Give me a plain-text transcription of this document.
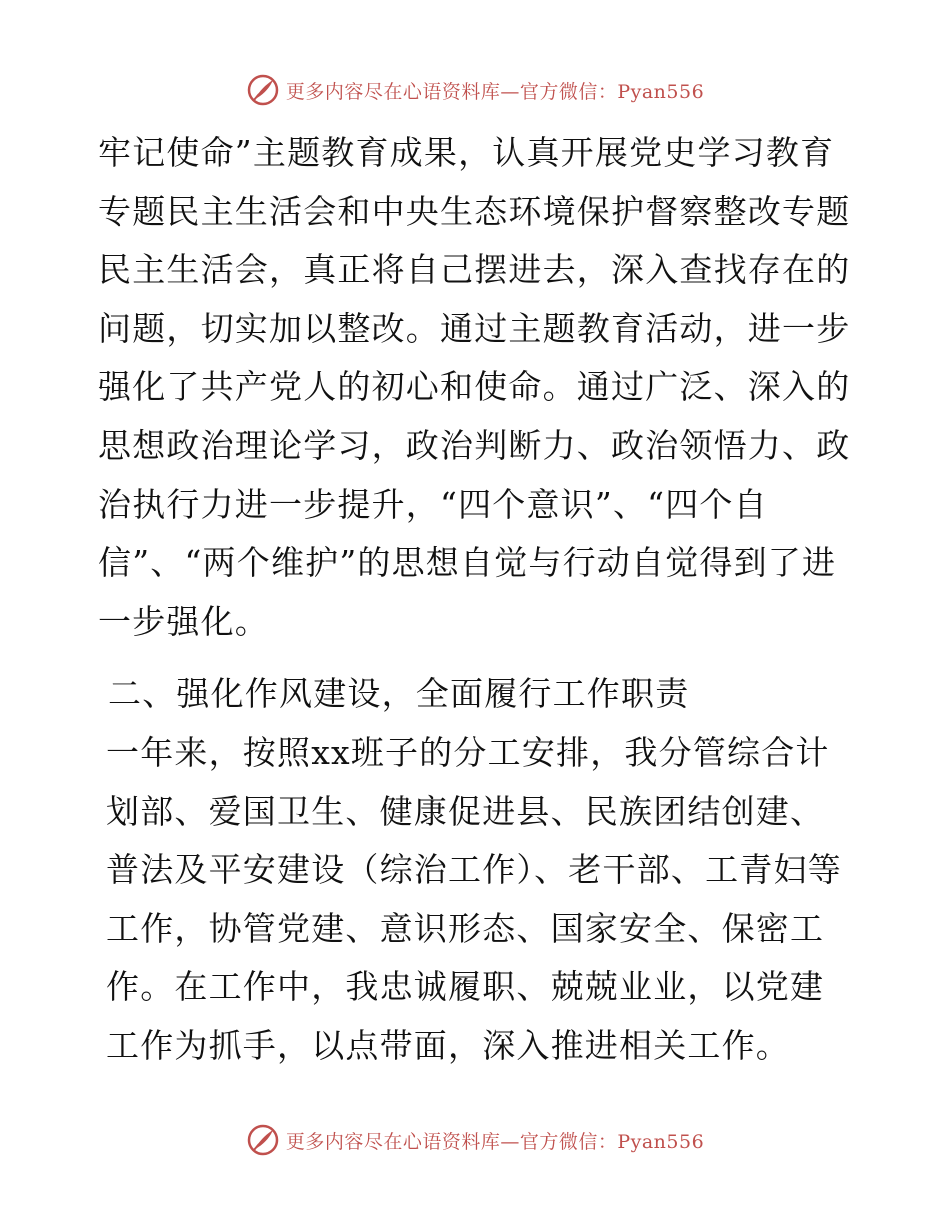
更多内容尽在心语资料库—官方微信：Pyan556

牢记使命”主题教育成果，认真开展党史学习教育专题民主生活会和中央生态环境保护督察整改专题民主生活会，真正将自己摆进去，深入查找存在的问题，切实加以整改。通过主题教育活动，进一步强化了共产党人的初心和使命。通过广泛、深入的思想政治理论学习，政治判断力、政治领悟力、政治执行力进一步提升，“四个意识”、“四个自信”、“两个维护”的思想自觉与行动自觉得到了进一步强化。

二、强化作风建设，全面履行工作职责

一年来，按照xx班子的分工安排，我分管综合计划部、爱国卫生、健康促进县、民族团结创建、普法及平安建设（综治工作）、老干部、工青妇等工作，协管党建、意识形态、国家安全、保密工作。在工作中，我忠诚履职、兢兢业业，以党建工作为抓手，以点带面，深入推进相关工作。

更多内容尽在心语资料库—官方微信：Pyan556
